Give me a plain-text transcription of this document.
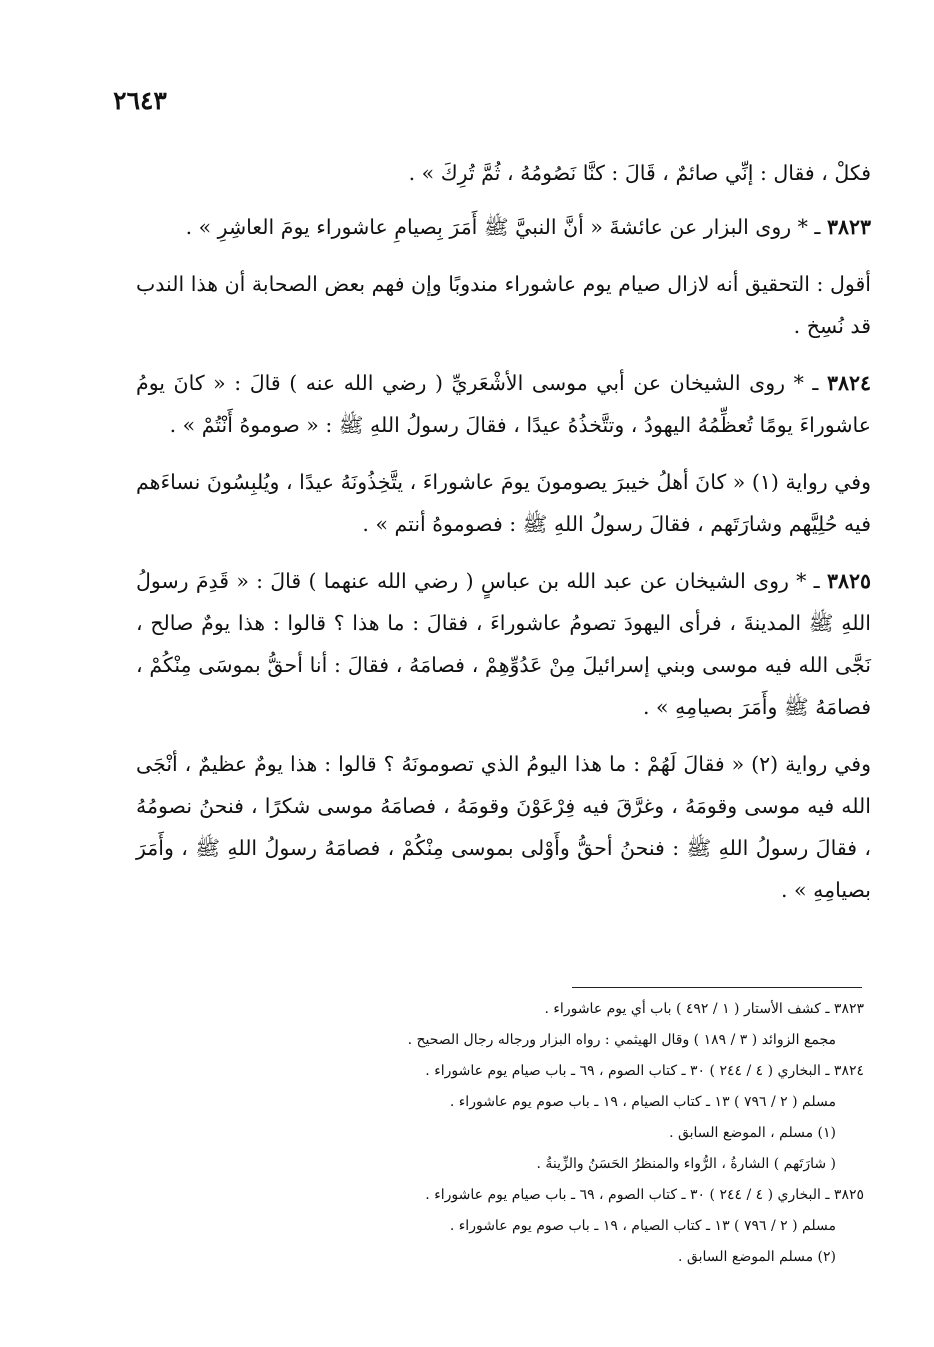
٢٦٤٣

فكلْ ، فقال : إنِّي صائمٌ ، قَالَ : كنَّا نَصُومُهُ ، ثُمَّ تُرِكَ » .

٣٨٢٣ ـ * روى البزار عن عائشةَ « أنَّ النبيَّ ﷺ أَمَرَ بِصيامِ عاشوراء يومَ العاشِرِ » .

أقول : التحقيق أنه لازال صيام يوم عاشوراء مندوبًا وإن فهم بعض الصحابة أن هذا الندب قد نُسِخ .

٣٨٢٤ ـ * روى الشيخان عن أبي موسى الأشْعَريِّ ( رضي الله عنه ) قالَ : « كانَ يومُ عاشوراءَ يومًا تُعظِّمُهُ اليهودُ ، وتتَّخذُهُ عيدًا ، فقالَ رسولُ اللهِ ﷺ : « صوموهُ أَنْتُمْ » .

وفي رواية (١) « كانَ أهلُ خيبرَ يصومونَ يومَ عاشوراءَ ، يتَّخِذُونَهُ عيدًا ، ويُلبِسُونَ نساءَهم فيه حُلِيَّهم وشارَتَهم ، فقالَ رسولُ اللهِ ﷺ : فصوموهُ أنتم » .

٣٨٢٥ ـ * روى الشيخان عن عبد الله بن عباسٍ ( رضي الله عنهما ) قالَ : « قَدِمَ رسولُ اللهِ ﷺ المدينةَ ، فرأى اليهودَ تصومُ عاشوراءَ ، فقالَ : ما هذا ؟ قالوا : هذا يومٌ صالح ، نَجَّى الله فيه موسى وبني إسرائيلَ مِنْ عَدُوِّهِمْ ، فصامَهُ ، فقالَ : أنا أحقُّ بموسَى مِنْكُمْ ، فصامَهُ ﷺ وأَمَرَ بصيامِهِ » .

وفي رواية (٢) « فقالَ لَهُمْ : ما هذا اليومُ الذي تصومونَهُ ؟ قالوا : هذا يومٌ عظيمٌ ، أنْجَى الله فيه موسى وقومَهُ ، وغرَّقَ فيه فِرْعَوْنَ وقومَهُ ، فصامَهُ موسى شكرًا ، فنحنُ نصومُهُ ، فقالَ رسولُ اللهِ ﷺ : فنحنُ أحقُّ وأَوْلى بموسى مِنْكُمْ ، فصامَهُ رسولُ اللهِ ﷺ ، وأَمَرَ بصيامِهِ » .

٣٨٢٣ ـ كشف الأستار ( ١ / ٤٩٢ ) باب أي يوم عاشوراء .
مجمع الزوائد ( ٣ / ١٨٩ ) وقال الهيثمي : رواه البزار ورجاله رجال الصحيح .
٣٨٢٤ ـ البخاري ( ٤ / ٢٤٤ ) ٣٠ ـ كتاب الصوم ، ٦٩ ـ باب صيام يوم عاشوراء .
مسلم ( ٢ / ٧٩٦ ) ١٣ ـ كتاب الصيام ، ١٩ ـ باب صوم يوم عاشوراء .
(١) مسلم ، الموضع السابق .
( شارَتَهم ) الشارةُ ، الرُّواء والمنظرُ الحَسَنُ والزِّينةُ .
٣٨٢٥ ـ البخاري ( ٤ / ٢٤٤ ) ٣٠ ـ كتاب الصوم ، ٦٩ ـ باب صيام يوم عاشوراء .
مسلم ( ٢ / ٧٩٦ ) ١٣ ـ كتاب الصيام ، ١٩ ـ باب صوم يوم عاشوراء .
(٢) مسلم الموضع السابق .
